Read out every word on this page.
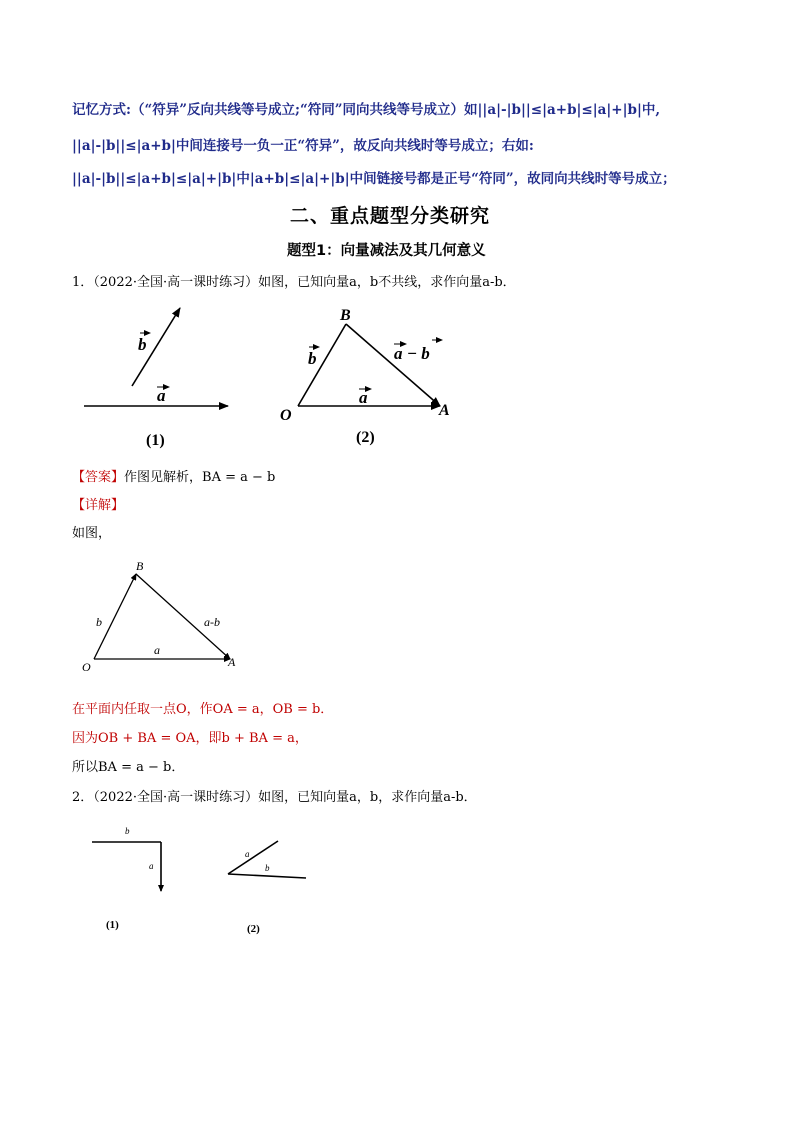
记忆方式:（“符异”反向共线等号成立;“符同”同向共线等号成立）如||a|-|b||≤|a+b|≤|a|+|b|中,
||a|-|b||≤|a+b|中间连接号一负一正“符异”，故反向共线时等号成立；右如:
||a|-|b||≤|a+b|≤|a|+|b|中|a+b|≤|a|+|b|中间链接号都是正号“符同”，故同向共线时等号成立；
二、重点题型分类研究
题型1：向量减法及其几何意义
1．（2022·全国·高一课时练习）如图，已知向量a，b不共线，求作向量a-b．
b
a
(1)
B
O	A
b
a
a − b
(2)
【答案】作图见解析，BA = a − b
【详解】
如图，
B
O	A
b
a
a-b
在平面内任取一点O，作OA = a，OB = b．
因为OB + BA = OA，即b + BA = a，
所以BA = a − b．
2．（2022·全国·高一课时练习）如图，已知向量a，b，求作向量a-b．
b
a
(1)
a
b
(2)
